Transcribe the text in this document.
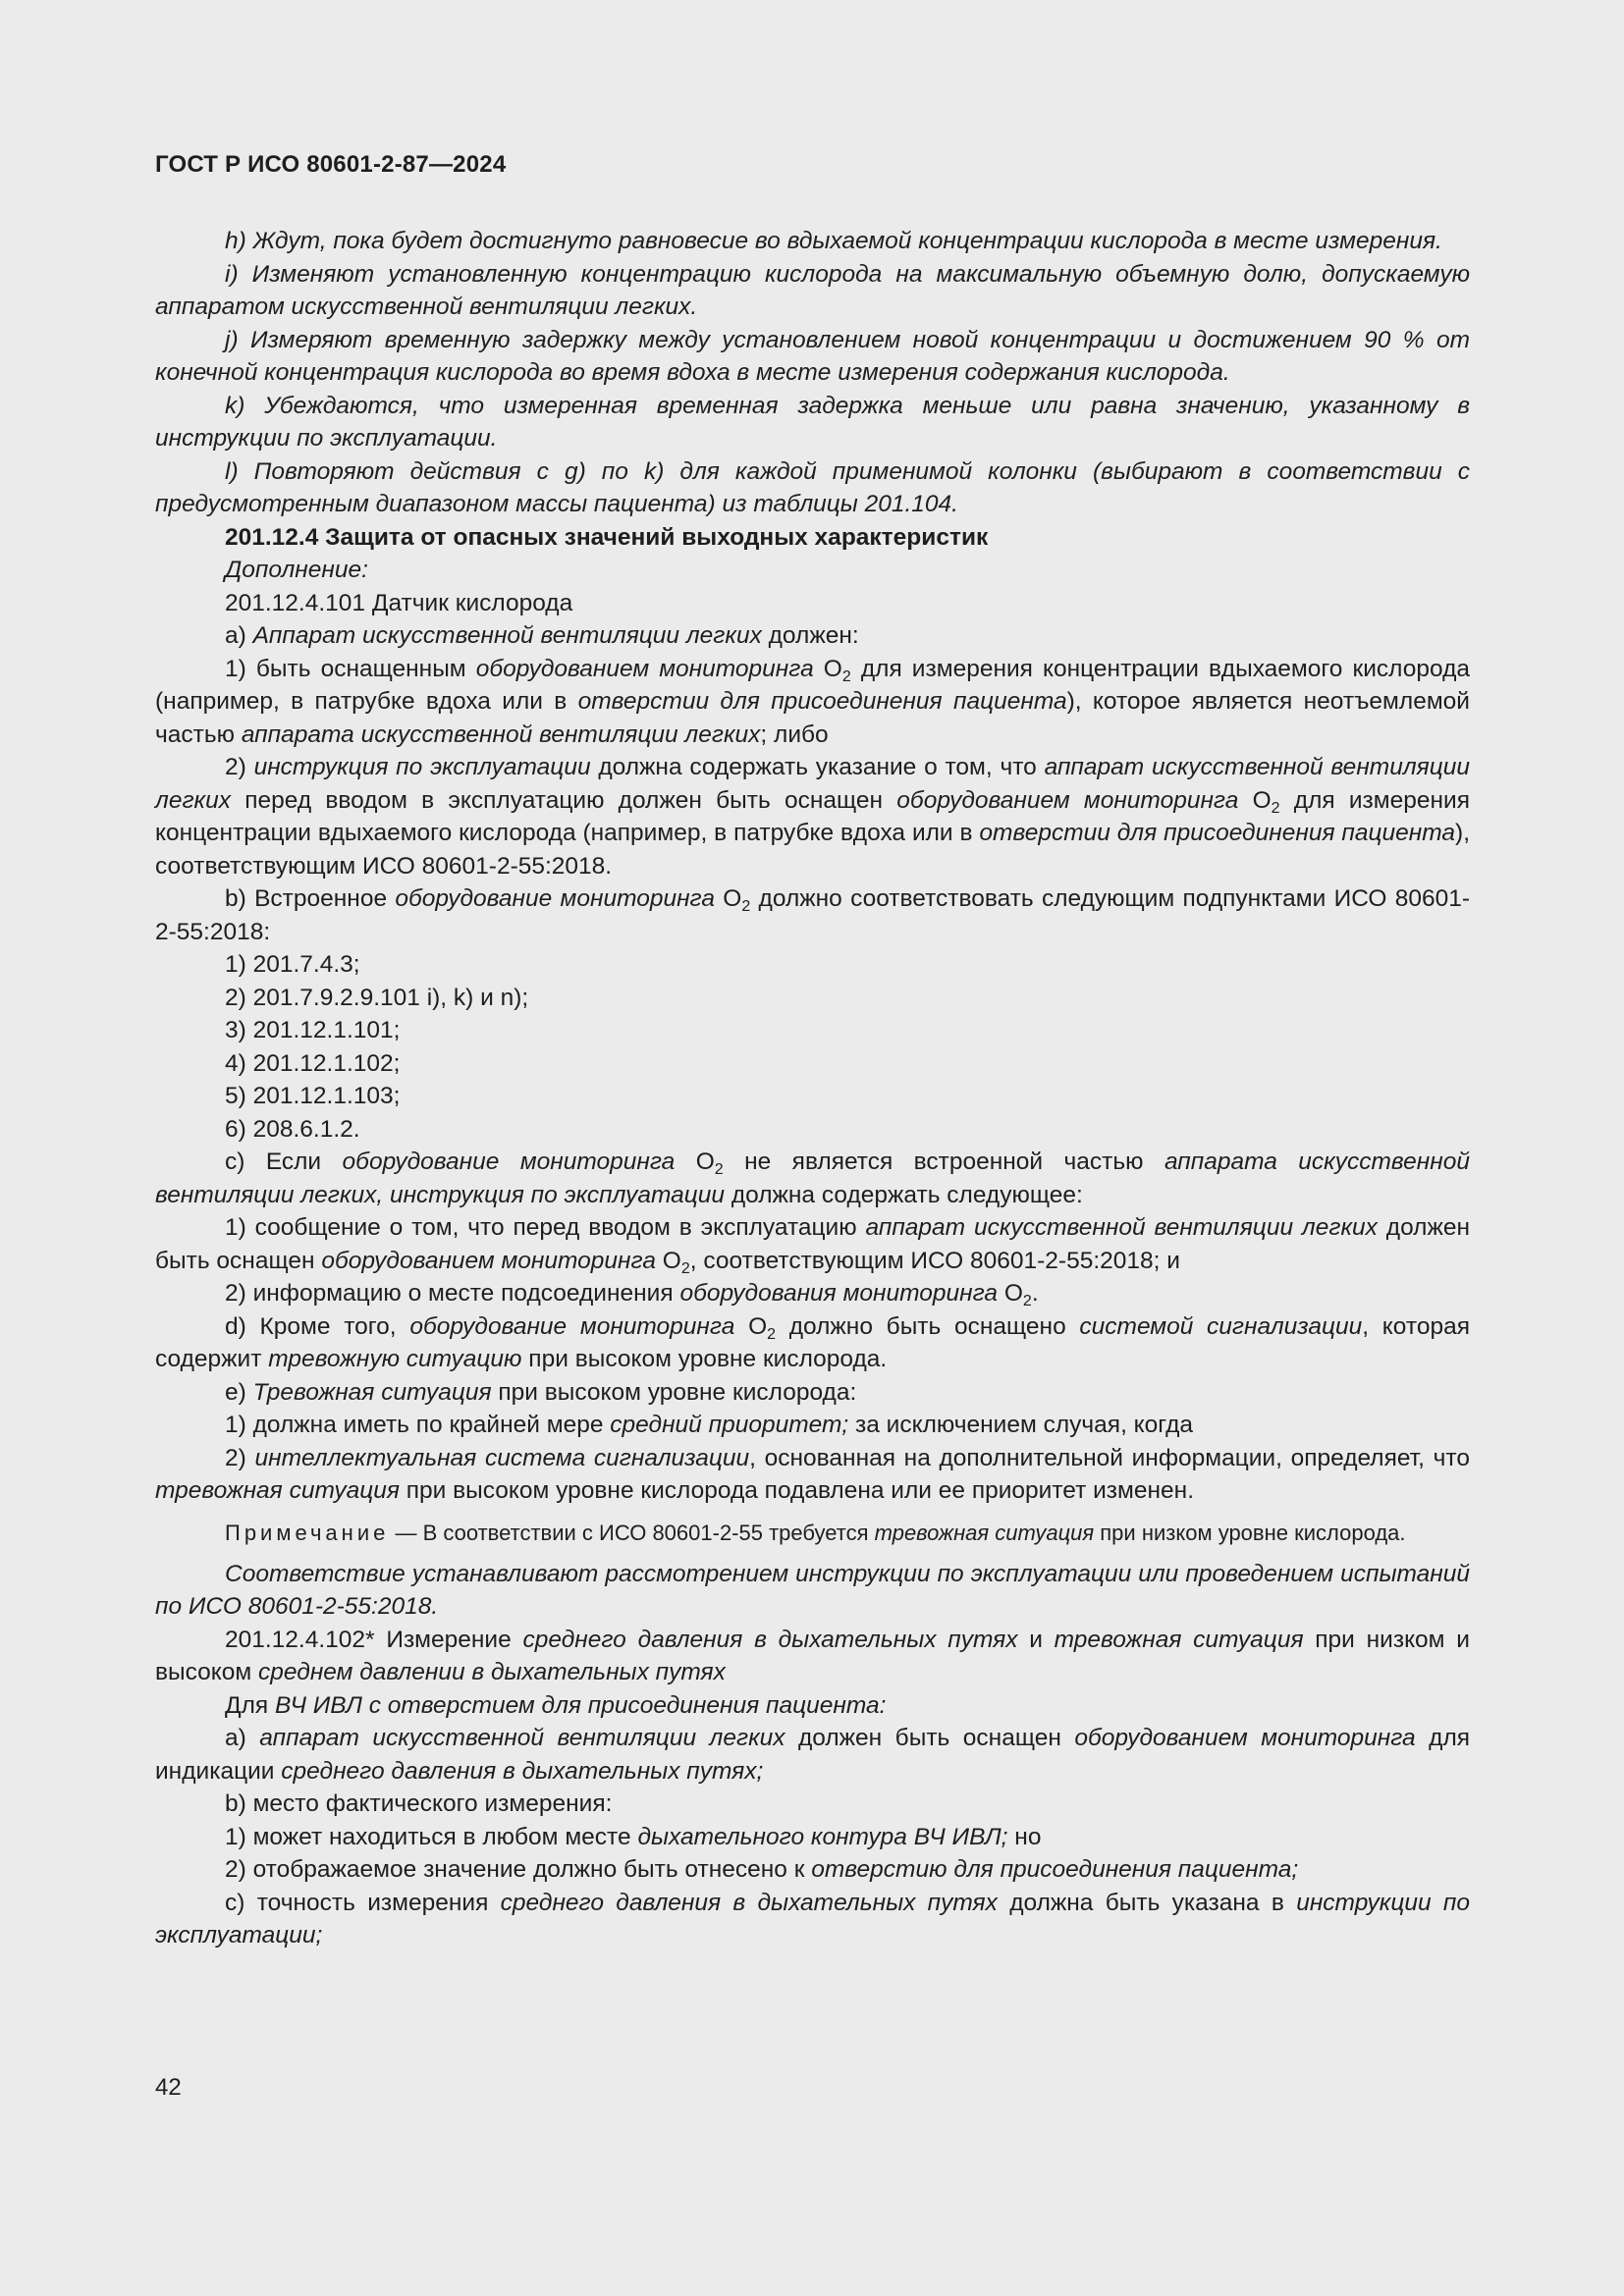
ГОСТ Р ИСО 80601-2-87—2024

h) Ждут, пока будет достигнуто равновесие во вдыхаемой концентрации кислорода в месте измерения.

i) Изменяют установленную концентрацию кислорода на максимальную объемную долю, допускаемую аппаратом искусственной вентиляции легких.

j) Измеряют временную задержку между установлением новой концентрации и достижением 90 % от конечной концентрация кислорода во время вдоха в месте измерения содержания кислорода.

k) Убеждаются, что измеренная временная задержка меньше или равна значению, указанному в инструкции по эксплуатации.

l) Повторяют действия с g) по k) для каждой применимой колонки (выбирают в соответствии с предусмотренным диапазоном массы пациента) из таблицы 201.104.

201.12.4 Защита от опасных значений выходных характеристик

Дополнение:

201.12.4.101 Датчик кислорода

а) Аппарат искусственной вентиляции легких должен:

1) быть оснащенным оборудованием мониторинга $O_2$ для измерения концентрации вдыхаемого кислорода (например, в патрубке вдоха или в отверстии для присоединения пациента), которое является неотъемлемой частью аппарата искусственной вентиляции легких; либо

2) инструкция по эксплуатации должна содержать указание о том, что аппарат искусственной вентиляции легких перед вводом в эксплуатацию должен быть оснащен оборудованием мониторинга $O_2$ для измерения концентрации вдыхаемого кислорода (например, в патрубке вдоха или в отверстии для присоединения пациента), соответствующим ИСО 80601-2-55:2018.

b) Встроенное оборудование мониторинга $O_2$ должно соответствовать следующим подпунктами ИСО 80601-2-55:2018:

1) 201.7.4.3;

2) 201.7.9.2.9.101 i), k) и n);

3) 201.12.1.101;

4) 201.12.1.102;

5) 201.12.1.103;

6) 208.6.1.2.

c) Если оборудование мониторинга $O_2$ не является встроенной частью аппарата искусственной вентиляции легких, инструкция по эксплуатации должна содержать следующее:

1) сообщение о том, что перед вводом в эксплуатацию аппарат искусственной вентиляции легких должен быть оснащен оборудованием мониторинга $O_2$, соответствующим ИСО 80601-2-55:2018; и

2) информацию о месте подсоединения оборудования мониторинга $O_2$.

d) Кроме того, оборудование мониторинга $O_2$ должно быть оснащено системой сигнализации, которая содержит тревожную ситуацию при высоком уровне кислорода.

e) Тревожная ситуация при высоком уровне кислорода:

1) должна иметь по крайней мере средний приоритет; за исключением случая, когда

2) интеллектуальная система сигнализации, основанная на дополнительной информации, определяет, что тревожная ситуация при высоком уровне кислорода подавлена или ее приоритет изменен.

Примечание — В соответствии с ИСО 80601-2-55 требуется тревожная ситуация при низком уровне кислорода.

Соответствие устанавливают рассмотрением инструкции по эксплуатации или проведением испытаний по ИСО 80601-2-55:2018.

201.12.4.102* Измерение среднего давления в дыхательных путях и тревожная ситуация при низком и высоком среднем давлении в дыхательных путях

Для ВЧ ИВЛ с отверстием для присоединения пациента:

а) аппарат искусственной вентиляции легких должен быть оснащен оборудованием мониторинга для индикации среднего давления в дыхательных путях;

b) место фактического измерения:

1) может находиться в любом месте дыхательного контура ВЧ ИВЛ; но

2) отображаемое значение должно быть отнесено к отверстию для присоединения пациента;

c) точность измерения среднего давления в дыхательных путях должна быть указана в инструкции по эксплуатации;

42
